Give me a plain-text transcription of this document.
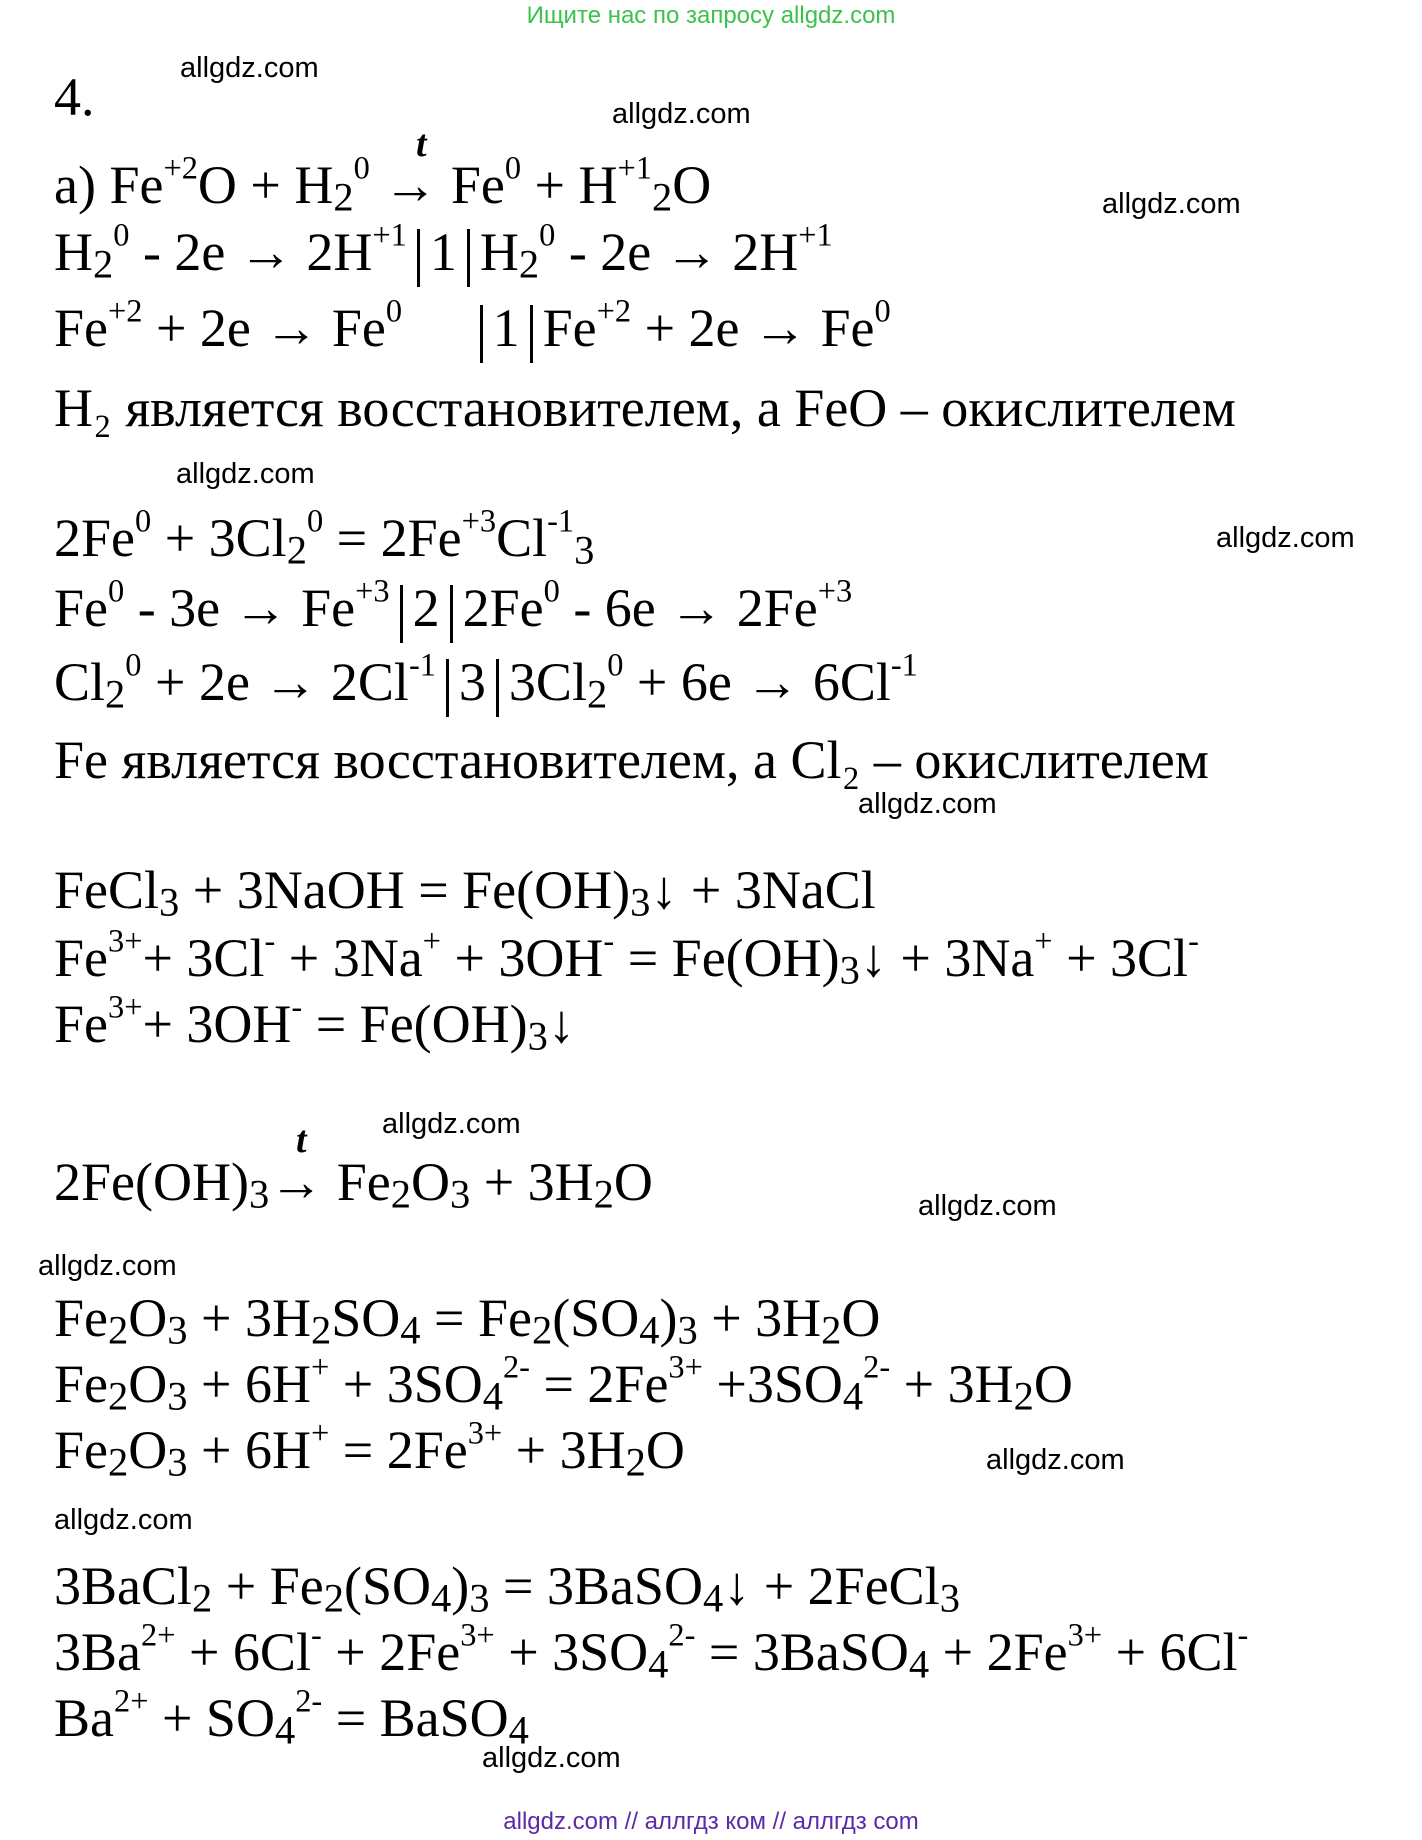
Ищите нас по запросу allgdz.com
allgdz.com
allgdz.com
allgdz.com
allgdz.com
allgdz.com
allgdz.com
allgdz.com
allgdz.com
allgdz.com
allgdz.com
allgdz.com
allgdz.com
4.
t
а) $Fe^{+2}O + H_2^0 \to Fe^0 + H^{+1}_2O$
$H_2^0 - 2e \to 2H^{+1}$ 1 $H_2^0 - 2e \to 2H^{+1}$
$Fe^{+2} + 2e \to Fe^0$ 1 $Fe^{+2} + 2e \to Fe^0$
H₂ является восстановителем, а FeO – окислителем
$2Fe^0 + 3Cl_2^0 = 2Fe^{+3}Cl^{-1}_3$
$Fe^0 - 3e \to Fe^{+3}$ 2 $2Fe^0 - 6e \to 2Fe^{+3}$
$Cl_2^0 + 2e \to 2Cl^{-1}$ 3 $3Cl_2^0 + 6e \to 6Cl^{-1}$
Fe является восстановителем, а Cl₂ – окислителем
FeCl$_3$ + 3NaOH = $Fe(OH)_3↓$ + 3NaCl
$Fe^{3+}+ 3Cl^- + 3Na^+ + 3OH^-$ = $Fe(OH)_3↓ + 3Na^+ + 3Cl^-$
$Fe^{3+}+ 3OH^-$ = $Fe(OH)_3↓$
t
$2Fe(OH)_3\to Fe_2O_3 + 3H_2O$
$Fe_2O_3 + 3H_2SO_4 = Fe_2(SO_4)_3 + 3H_2O$
$Fe_2O_3 + 6H^+ + 3SO_4^{2-} = 2Fe^{3+} +3SO_4^{2-} + 3H_2O$
$Fe_2O_3 + 6H^+ = 2Fe^{3+} + 3H_2O$
3BaCl$_2$ + $Fe_2(SO_4)_3$ = 3BaSO$_4$↓ + 2FeCl$_3$
$3Ba^{2+} + 6Cl^- + 2Fe^{3+} + 3SO_4^{2-}$ = 3BaSO$_4$ + $2Fe^{3+} + 6Cl^-$
$Ba^{2+} + SO_4^{2-}$ = BaSO$_4$
allgdz.com // аллгдз ком // аллгдз com
